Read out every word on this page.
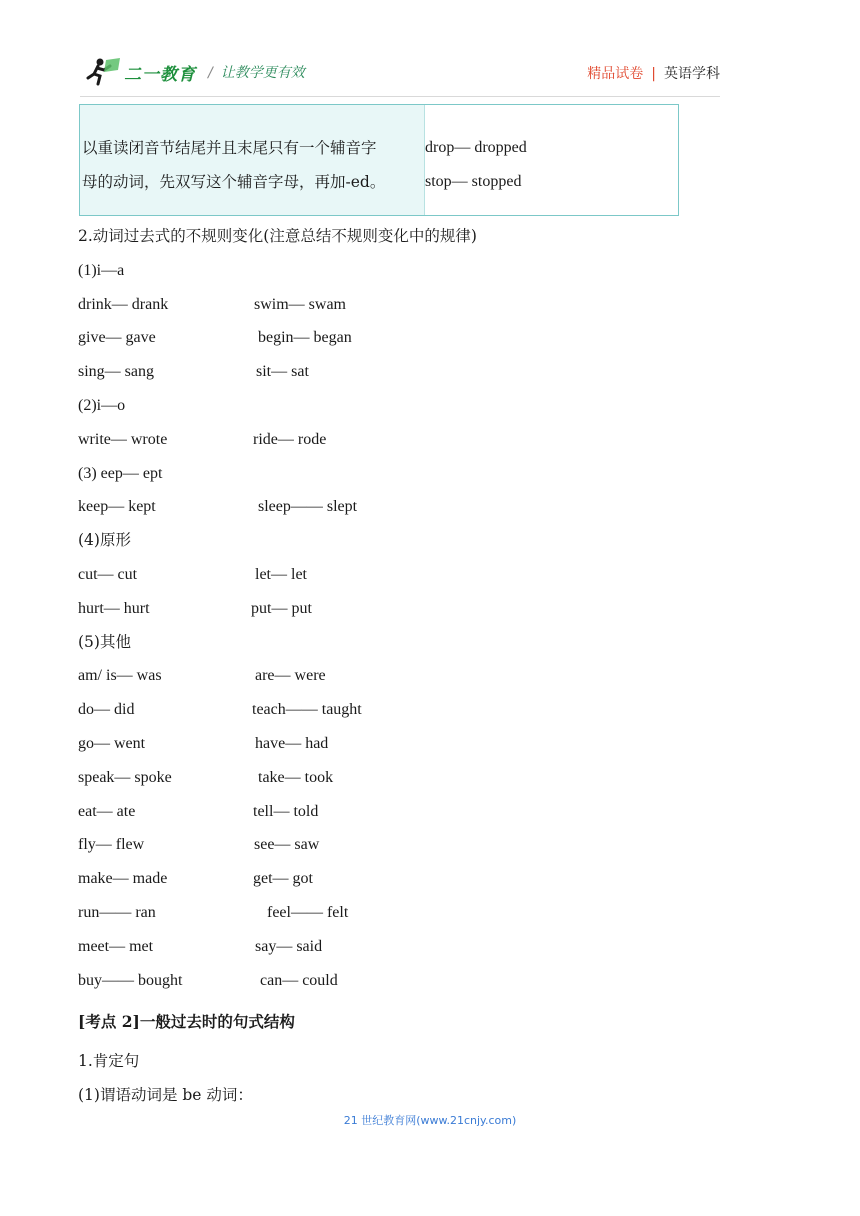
二一教育 / 让教学更有效	精品试卷 | 英语学科
以重读闭音节结尾并且末尾只有一个辅音字
母的动词，先双写这个辅音字母，再加-ed。
drop— dropped
stop— stopped
2.动词过去式的不规则变化(注意总结不规则变化中的规律)
(1)i—a
drink— drank	swim— swam
give— gave	begin— began
sing— sang	sit— sat
(2)i—o
write— wrote	ride— rode
(3) eep— ept
keep— kept	sleep—— slept
(4)原形
cut— cut	let— let
hurt— hurt	put— put
(5)其他
am/ is— was	are— were
do— did	teach—— taught
go— went	have— had
speak— spoke	take— took
eat— ate	tell— told
fly— flew	see— saw
make— made	get— got
run—— ran	feel—— felt
meet— met	say— said
buy—— bought	can— could
[考点 2]一般过去时的句式结构
1.肯定句
(1)谓语动词是 be 动词：
21 世纪教育网(www.21cnjy.com)
